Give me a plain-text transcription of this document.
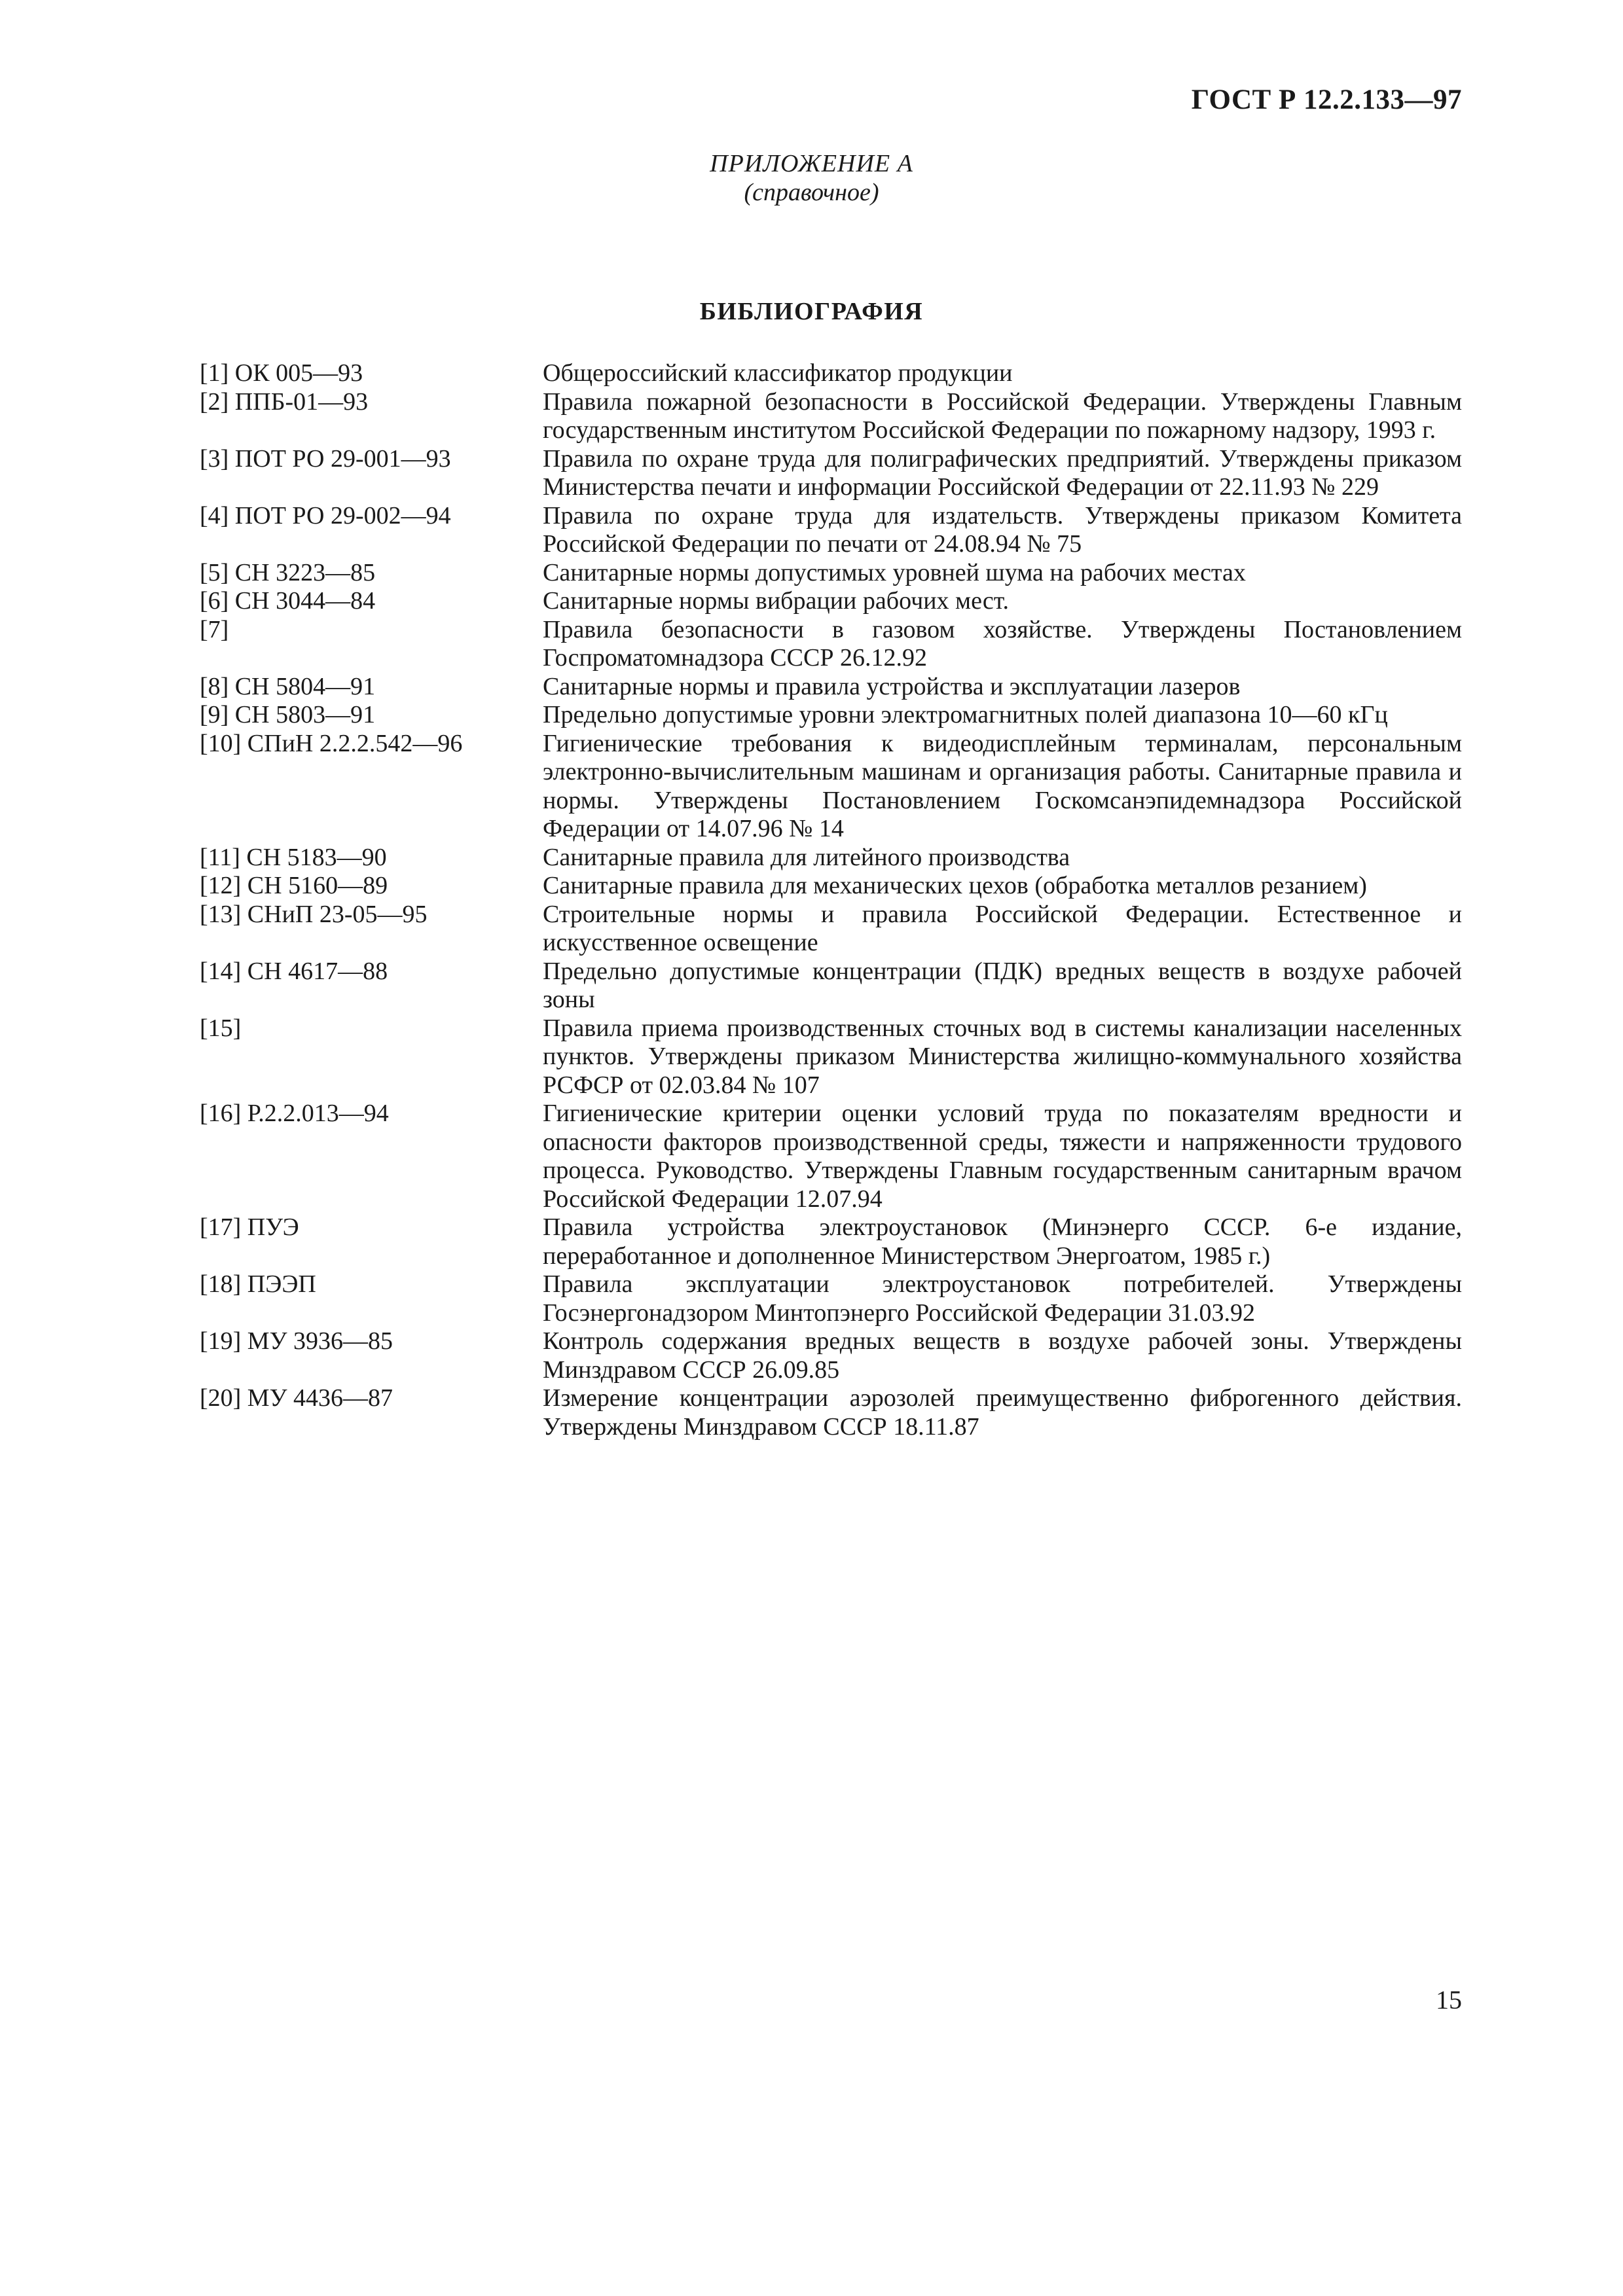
ГОСТ Р 12.2.133—97
ПРИЛОЖЕНИЕ А
(справочное)
БИБЛИОГРАФИЯ
[1] ОК 005—93	Общероссийский классификатор продукции
[2] ППБ-01—93	Правила пожарной безопасности в Российской Федерации. Утверждены Главным государственным институтом Российской Федерации по пожарному надзору, 1993 г.
[3] ПОТ РО 29-001—93	Правила по охране труда для полиграфических предприятий. Утверждены приказом Министерства печати и информации Российской Федерации от 22.11.93 № 229
[4] ПОТ РО 29-002—94	Правила по охране труда для издательств. Утверждены приказом Комитета Российской Федерации по печати от 24.08.94 № 75
[5] СН 3223—85	Санитарные нормы допустимых уровней шума на рабочих местах
[6] СН 3044—84	Санитарные нормы вибрации рабочих мест.
[7]	Правила безопасности в газовом хозяйстве. Утверждены Постановлением Госпроматомнадзора СССР 26.12.92
[8] СН 5804—91	Санитарные нормы и правила устройства и эксплуатации лазеров
[9] СН 5803—91	Предельно допустимые уровни электромагнитных полей диапазона 10—60 кГц
[10] СПиН 2.2.2.542—96	Гигиенические требования к видеодисплейным терминалам, персональным электронно-вычислительным машинам и организация работы. Санитарные правила и нормы. Утверждены Постановлением Госкомсанэпидемнадзора Российской Федерации от 14.07.96 № 14
[11] СН 5183—90	Санитарные правила для литейного производства
[12] СН 5160—89	Санитарные правила для механических цехов (обработка металлов резанием)
[13] СНиП 23-05—95	Строительные нормы и правила Российской Федерации. Естественное и искусственное освещение
[14] СН 4617—88	Предельно допустимые концентрации (ПДК) вредных веществ в воздухе рабочей зоны
[15]	Правила приема производственных сточных вод в системы канализации населенных пунктов. Утверждены приказом Министерства жилищно-коммунального хозяйства РСФСР от 02.03.84 № 107
[16] Р.2.2.013—94	Гигиенические критерии оценки условий труда по показателям вредности и опасности факторов производственной среды, тяжести и напряженности трудового процесса. Руководство. Утверждены Главным государственным санитарным врачом Российской Федерации 12.07.94
[17] ПУЭ	Правила устройства электроустановок (Минэнерго СССР. 6-е издание, переработанное и дополненное Министерством Энергоатом, 1985 г.)
[18] ПЭЭП	Правила эксплуатации электроустановок потребителей. Утверждены Госэнергонадзором Минтопэнерго Российской Федерации 31.03.92
[19] МУ 3936—85	Контроль содержания вредных веществ в воздухе рабочей зоны. Утверждены Минздравом СССР 26.09.85
[20] МУ 4436—87	Измерение концентрации аэрозолей преимущественно фиброгенного действия. Утверждены Минздравом СССР 18.11.87
15
